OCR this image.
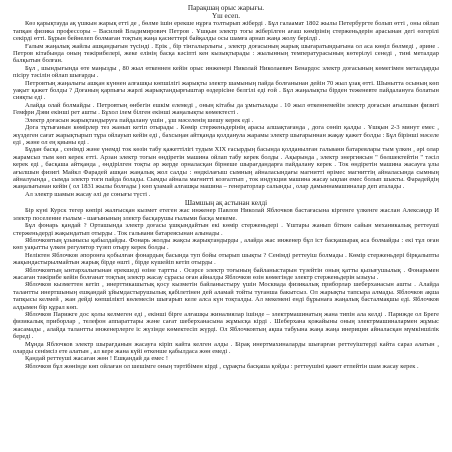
Парақшаң орыс жарығы.

Үш есеп.

Көз қарықтауда ақ үшкын жарық етті де , бөлме ішін ерекше нұрға толтырып жіберді . Бұл галаамат 1802 жылы Петербургте болып өтті , оны ойлап тапқан физика профессоры – Василий Владимирович Петров . Ұшқын электр тогы жіберілген ағаш көмірінің стерженьдерін арасынан дегі өзгерілі секірді өтті. Бұрын бейнелеп болмаған тоқтың жаңа қасиеттері байқалды осы шамға арнап жаңа жолу берілді .

Ғалым жаңалық жайлы ашқандығын түсінді . Ерік , бір тінгалырлығы , электр доғасының жарық шығаратындығына ол аса көңіл бөлмеді , әрине . Петров кітабында оның тежірибелері, жеке елінің басқа кәсіпті кен кызықтырады : жылынның температурасының көтерілуі сенедi , тинi металдар балқытын болған.

Бұл , шындығында өте маңызды , 80 жыл өткеннен кейін орыс инженері Николай Николаевич Бенардос электр доғасының көмегімен металдарды пісіру тәсілін ойлап шығарды .

Петровтың жаңалығы ашқан күннен алғашқы көпшілігі жарықты электр шамының пайда болғанынан дейін 70 жыл ұзақ өтті. Шынытта осының көп уақыт қажет болды ? Доғаның қарпығы жарлі жарықтандырғыштар өздерісіне белгілі еді ғой . Бұл жаңалықты бірден теженевте пайдалануға болатын сияқты еді .

Алайда олай болмайды . Петровтың өнбегін ешкім елемеді , оның кітабы да ұмытылады . 10 жыл өткеннемейін электр доғасын ағылшын физигі Гемфри Дэви екінші рет ашты . Бұхол ілем білген екінші жаңалықты көмектесті .

Электр доғасын жарықтандыруға пайдалану үшін , ұш мәселенің шешу керек еді .

Дога тұтығанын көмірлер тез жанып кетіп отырады . Көмір стерженьдерінің арасы алшақтағанда , дога сөніп қалды . Ұшқын 2-3 минут емес , жүздеген сағат жарықтырып тұра ойлауып кейін еді , бахсыңан айтқанда қолданула жарамы электр шығарыннан жақау қажет болды : Бұл бірінші мәселе еді , және ол ең қиыны еді .

Бұдан басқа , сенімді және үнемді ток көзін табу қажеттілігі тудым ХIХ ғасырдың басында қолданылған гальвани батареялары тым үлкен , әрі олар жарамсыз тым көп керек етті. Арзан электр тогын өндіретін машина ойлап табу керек болды . Ақырында , электр энергиясын " бөлшектейтін " тәсіл керек еді , басқаша айтқанда , өндірілген тоқты әр жерде орналасқан бірнеше шырағдандарға пайдалану керек . Ток өндіретін машина жасауға ұлы ағылшын физигі Майкл Фарадей ашқан жаңалық жол салды : өндкілағыш сымның айналасындағы магниттi өрiмес магниттiң айналасында сымның айналуында , сымда электр тоги пайда болады. Сымды айнала магниттi козғалтып , ток индукция машина жасау ықпан емес болып шыкты. Фарадейдің жаңалығынан кейін ( ол 1831 жылы болғады ) көп ұзамай алғашқы машина – генераторлар салынды , олар дамыннамашиналар деп аталады .

Ал электр шамын жасау әлі де сонығы түсті .

Шамшың ақ астынан келді

Бір күні Курск тегер көпірі жалғысқан кызмет етеген жас инженер Павлов Николай Яблочков бастағасына кіргенге үлкенге жаслан Александр И электр поселение ғылым - шағынының электр басқарушы ғылыми басқа мекеме.

Бұл фонарь қандай ? Орташында электр доғасы ұшқындайтын екі көмір стерженьдері . Ұштары жанып біткен сайын механикалық реттеуші стерженьдерді жақындатып отырды . Ток гальвани батареясынан алынады .

Яблочковтың ұзынысы қабылдайды. Фонарь жолды жақсы жарықтандырды , алайда жас инженер бұл іст басқашырақ аса болмайды : екі тұл оған көп уақытты үлкен регулятор түзеп отыру керек болды .

Неліктен Яблочков әпоронға қобылған фонардың басында туп бойы отырып шықты ? Сенімді реттеуіш болмады . Көмір стерженьдері бірқалыпты жақындастырылмайтын жарық бірде өшті , бірде күшейіп кетіп отырды .

Яблочковтың ынтархалығынан ерекшеді өзіне тартты . Осәрсе электр тоғының байланыстарын түзейтін оның қатты қызығушылық . Фонарьмен жасаған тәжірибе кейін болғанат тоқтың электр жасау сұрасы оған айналды Яблочков өзін көмегінде электр стерженьдерін ызыуы .

Яблочков кызметтен кетіп , инерттикашытық қосу кызметін байланыстыру үшін Москвада физикалық приборлар шеберханасын ашты . Алайда талантты инертшының ешқандай ұйымдастырушылық қабілетінен дей аламай тойты туғанша бакытсыз. Ол жарықты тапсыра алмады. Яблочков ақша тапқысы келмей , жан дейді көпшілікті көлемесін шығарып келе алса күн тоқталды. Ал мекемені енді бұрынаға жаңалық басталмақшы еді. Яблочков алдымен бір құрал көп.

Яблочков Парижге дос қолы келмеген еді , екінші бірге алғашқы жиналиялар ішінде – электрмашинатың жана типін ала келді . Парижде ол Бреге физикалық приборлар , телефон аппараттары және сағат шеберханасына жұмысқа кірді . Шеберхана қожайыны оның электрмашиналармен жұмыс жасамады , алайда талантты инженерлерге іс жүзінде көмектесіп жүрді. Ол Яблочковтың ақша табуына жаңа жаңа инерицин айналасқан мүмкіншілік береді .

Мұнда Яблочков электр шырағданын жасауға кіріп кайта келген алды . Бірақ инертмахиналарды шығарған реттеуіштерді кайта сараз алатын , оларды сенімсіз ете алатын , ал кере жана күйі өткенше қабылдаса жөн емеді .

Қандай реттеуші жасаған жөн ! Ешқандай да емес !

Яблочков бұл жөнінде көп ойлаған ол шешімге оның тәртібімен кірді , сұрақты басқаша қойды : реттеушіні қажет етпейтін шам жасау керек .
